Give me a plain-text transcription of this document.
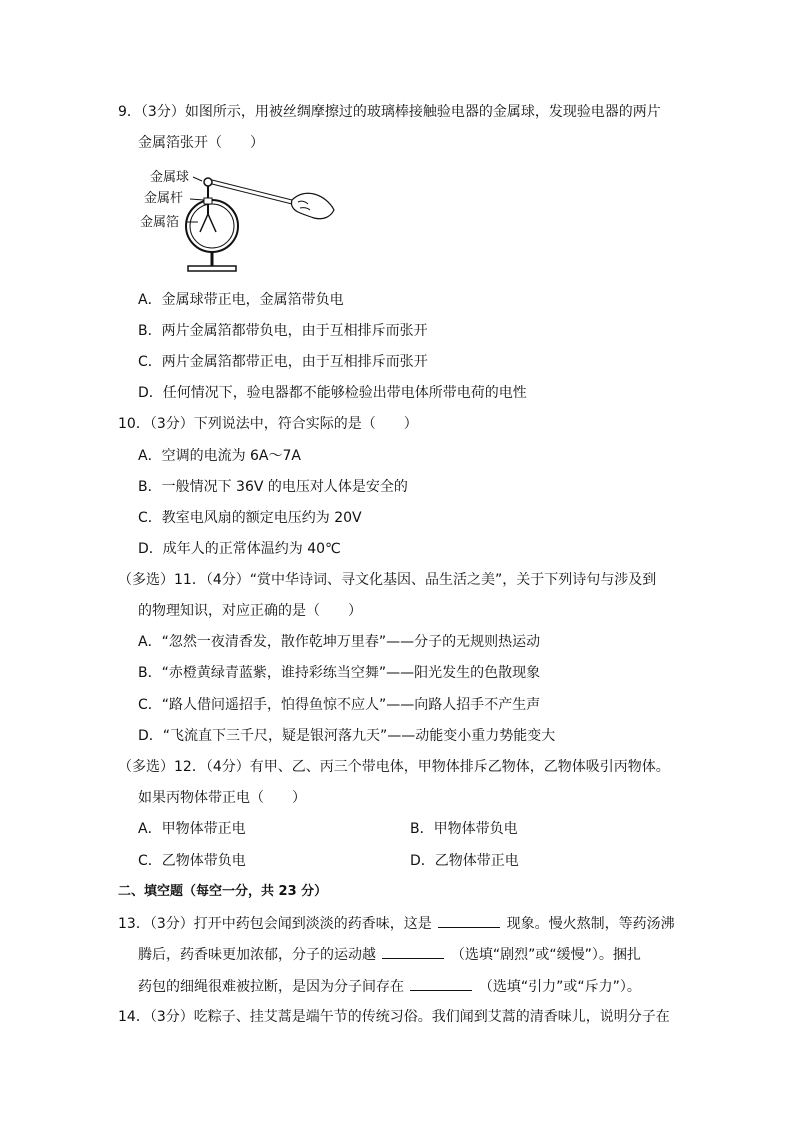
9．（3分）如图所示，用被丝绸摩擦过的玻璃棒接触验电器的金属球，发现验电器的两片
金属箔张开（　　）
金属球
金属杆
金属箔
A．金属球带正电，金属箔带负电
B．两片金属箔都带负电，由于互相排斥而张开
C．两片金属箔都带正电，由于互相排斥而张开
D．任何情况下，验电器都不能够检验出带电体所带电荷的电性
10．（3分）下列说法中，符合实际的是（　　）
A．空调的电流为 6A～7A
B．一般情况下 36V 的电压对人体是安全的
C．教室电风扇的额定电压约为 20V
D．成年人的正常体温约为 40℃
（多选）11．（4分）“赏中华诗词、寻文化基因、品生活之美”，关于下列诗句与涉及到
的物理知识，对应正确的是（　　）
A．“忽然一夜清香发，散作乾坤万里春”——分子的无规则热运动
B．“赤橙黄绿青蓝紫，谁持彩练当空舞”——阳光发生的色散现象
C．“路人借问遥招手，怕得鱼惊不应人”——向路人招手不产生声
D．“飞流直下三千尺，疑是银河落九天”——动能变小重力势能变大
（多选）12．（4分）有甲、乙、丙三个带电体，甲物体排斥乙物体，乙物体吸引丙物体。
如果丙物体带正电（　　）
A．甲物体带正电	B．甲物体带负电
C．乙物体带负电	D．乙物体带正电
二、填空题（每空一分，共 23 分）
13．（3分）打开中药包会闻到淡淡的药香味，这是	现象。慢火熬制，等药汤沸
腾后，药香味更加浓郁，分子的运动越	（选填“剧烈”或“缓慢”）。捆扎
药包的细绳很难被拉断，是因为分子间存在	（选填“引力”或“斥力”）。
14．（3分）吃粽子、挂艾蒿是端午节的传统习俗。我们闻到艾蒿的清香味儿，说明分子在
